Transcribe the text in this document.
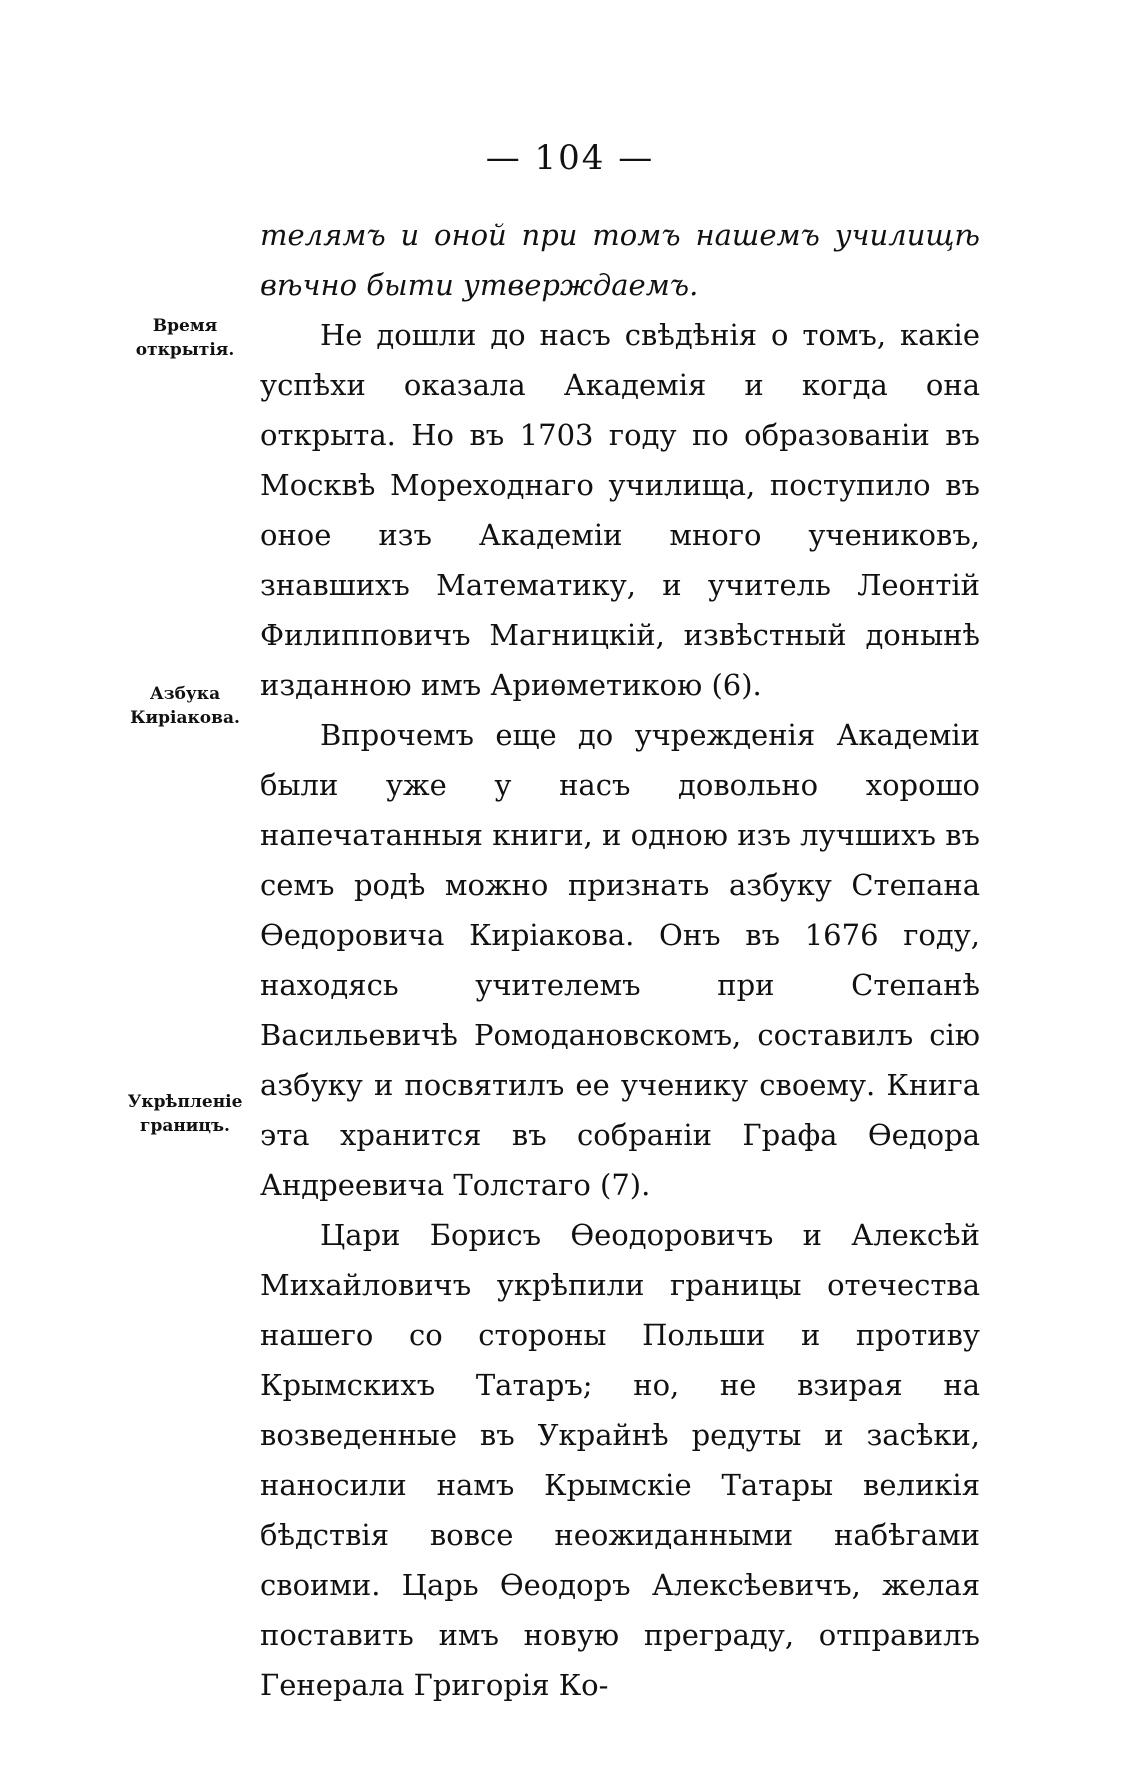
— 104 —
Время открытія.
Азбука Киріакова.
Укрѣпленіе границъ.

телямъ и оной при томъ нашемъ училищѣ вѣчно быти утверждаемъ.

Не дошли до насъ свѣдѣнія о томъ, какіе успѣхи оказала Академія и когда она открыта. Но въ 1703 году по образованіи въ Москвѣ Мореходнаго училища, поступило въ оное изъ Академіи много учениковъ, знавшихъ Математику, и учитель Леонтій Филипповичъ Магницкій, извѣстный донынѣ изданною имъ Ариѳметикою (6).

Впрочемъ еще до учрежденія Академіи были уже у насъ довольно хорошо напечатанныя книги, и одною изъ лучшихъ въ семъ родѣ можно признать азбуку Степана Ѳедоровича Киріакова. Онъ въ 1676 году, находясь учителемъ при Степанѣ Васильевичѣ Ромодановскомъ, составилъ сію азбуку и посвятилъ ее ученику своему. Книга эта хранится въ собраніи Графа Ѳедора Андреевича Толстаго (7).

Цари Борисъ Ѳеодоровичъ и Алексѣй Михайловичъ укрѣпили границы отечества нашего со стороны Польши и противу Крымскихъ Татаръ; но, не взирая на возведенные въ Украйнѣ редуты и засѣки, наносили намъ Крымскіе Татары великія бѣдствія вовсе неожиданными набѣгами своими. Царь Ѳеодоръ Алексѣевичъ, желая поставить имъ новую преграду, отправилъ Генерала Григорія Ко-
